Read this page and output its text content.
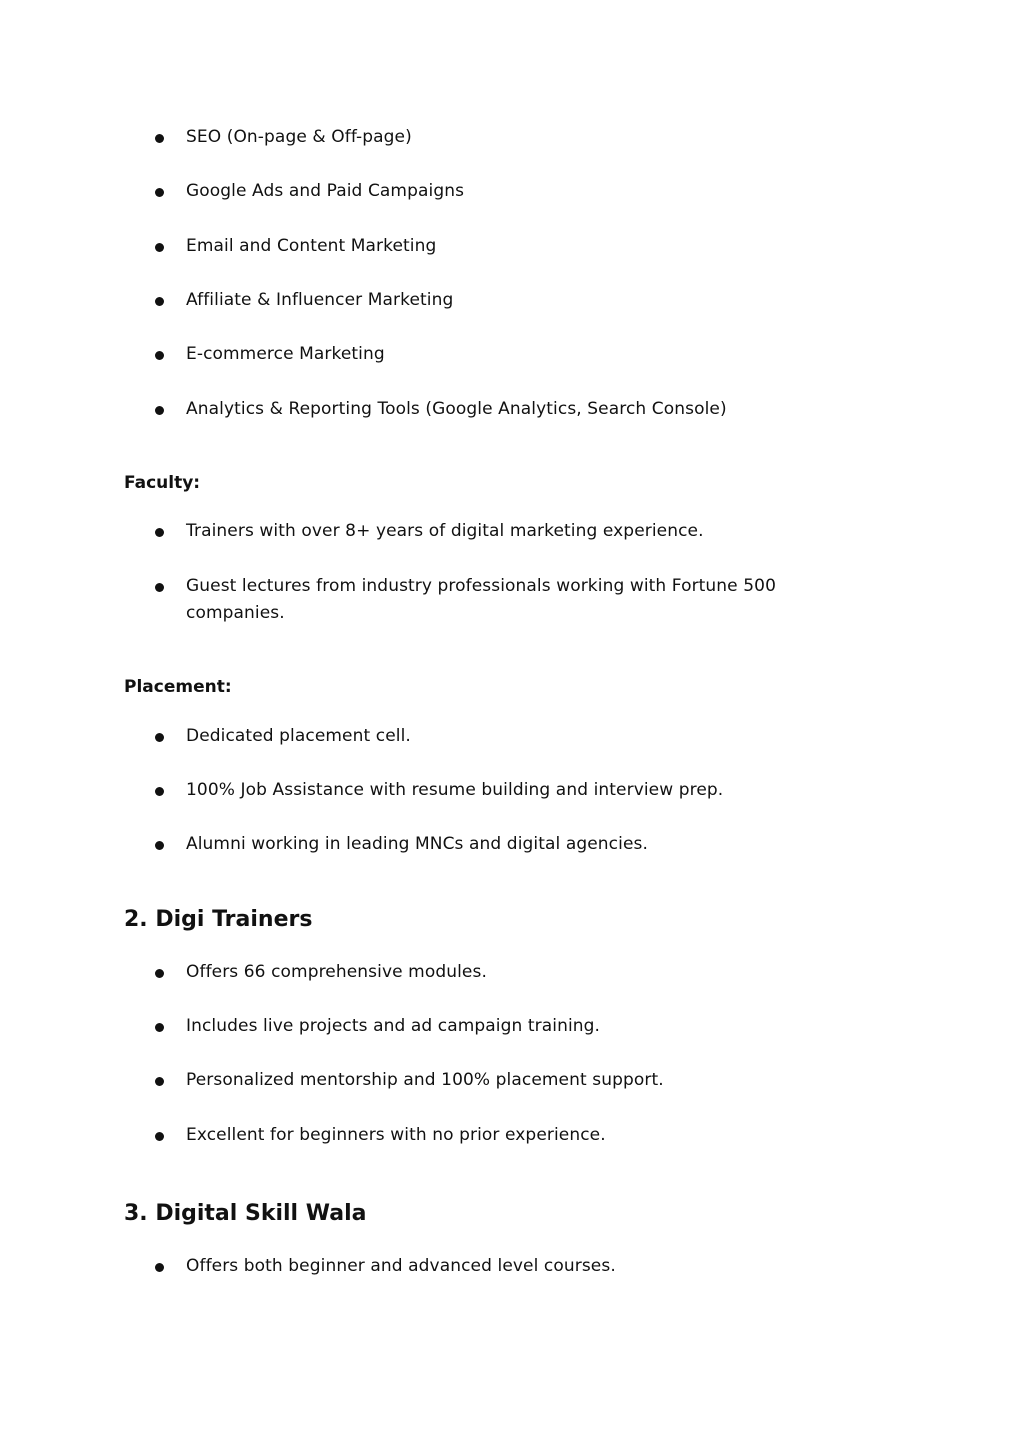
SEO (On-page & Off-page)
Google Ads and Paid Campaigns
Email and Content Marketing
Affiliate & Influencer Marketing
E-commerce Marketing
Analytics & Reporting Tools (Google Analytics, Search Console)
Faculty:
Trainers with over 8+ years of digital marketing experience.
Guest lectures from industry professionals working with Fortune 500 companies.
Placement:
Dedicated placement cell.
100% Job Assistance with resume building and interview prep.
Alumni working in leading MNCs and digital agencies.
2. Digi Trainers
Offers 66 comprehensive modules.
Includes live projects and ad campaign training.
Personalized mentorship and 100% placement support.
Excellent for beginners with no prior experience.
3. Digital Skill Wala
Offers both beginner and advanced level courses.
